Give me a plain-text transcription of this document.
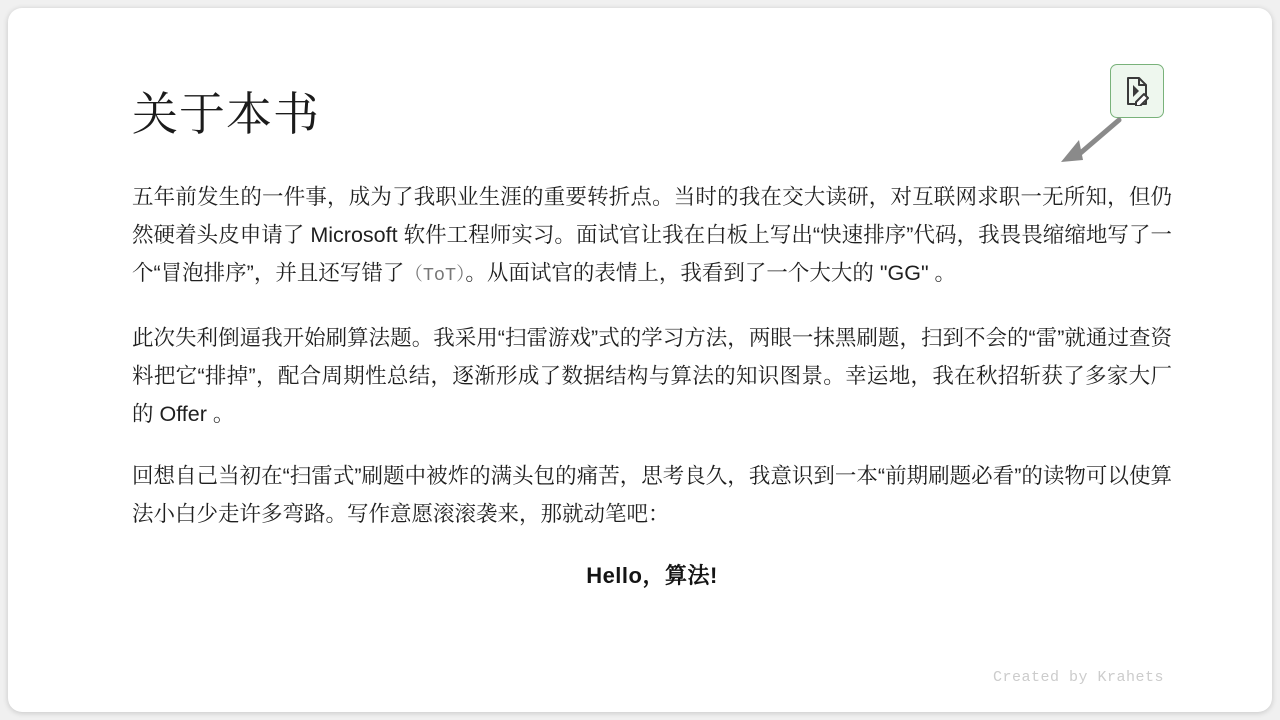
关于本书

五年前发生的一件事，成为了我职业生涯的重要转折点。当时的我在交大读研，对互联网求职一无所知，但仍然硬着头皮申请了 Microsoft 软件工程师实习。面试官让我在白板上写出“快速排序”代码，我畏畏缩缩地写了一个“冒泡排序”，并且还写错了（ToT）。从面试官的表情上，我看到了一个大大的 "GG" 。

此次失利倒逼我开始刷算法题。我采用“扫雷游戏”式的学习方法，两眼一抹黑刷题，扫到不会的“雷”就通过查资料把它“排掉”，配合周期性总结，逐渐形成了数据结构与算法的知识图景。幸运地，我在秋招斩获了多家大厂的 Offer 。

回想自己当初在“扫雷式”刷题中被炸的满头包的痛苦，思考良久，我意识到一本“前期刷题必看”的读物可以使算法小白少走许多弯路。写作意愿滚滚袭来，那就动笔吧：

Hello，算法!

Created by Krahets
